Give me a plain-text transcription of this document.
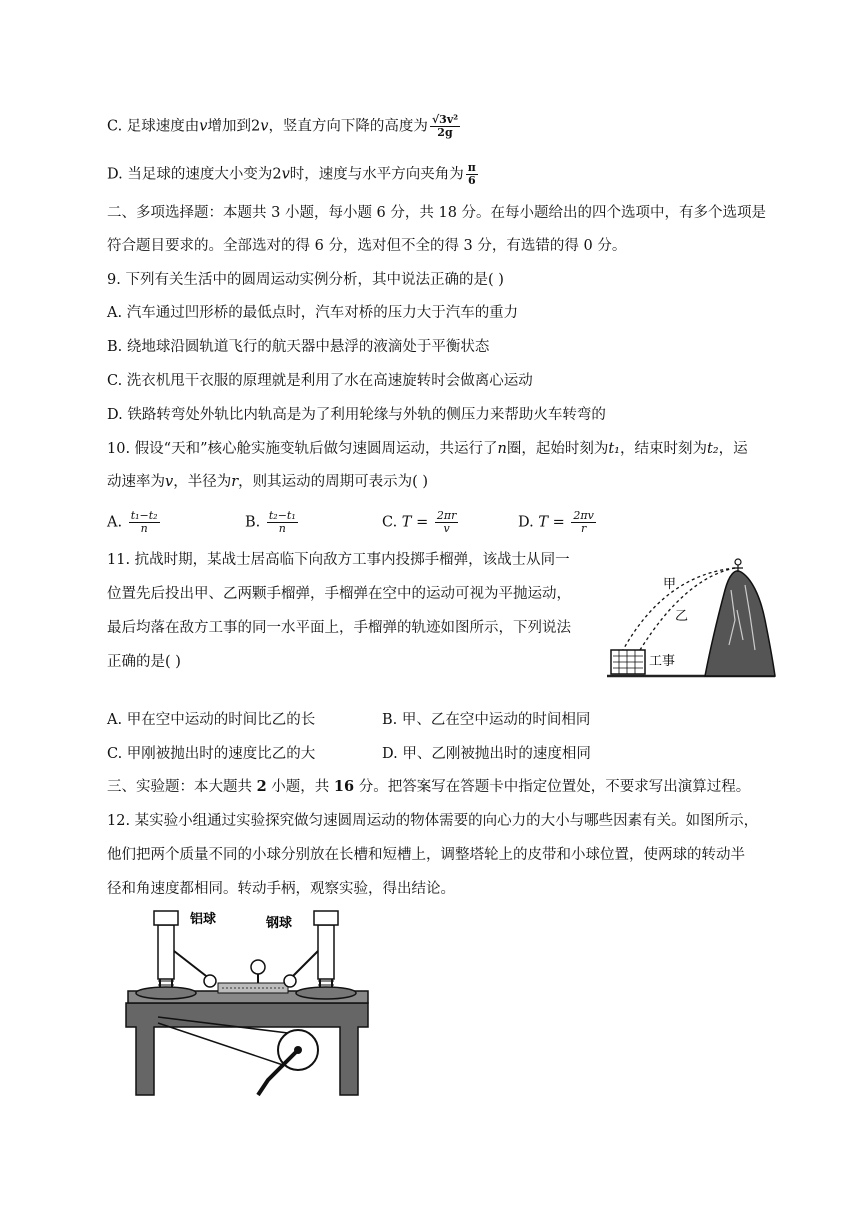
C. 足球速度由v增加到2v，竖直方向下降的高度为 $\frac{\text{√3v²}}{2g}$
D. 当足球的速度大小变为2v时，速度与水平方向夹角为 $\frac{\pi}{6}$
二、多项选择题：本题共 3 小题，每小题 6 分，共 18 分。在每小题给出的四个选项中，有多个选项是
符合题目要求的。全部选对的得 6 分，选对但不全的得 3 分，有选错的得 0 分。
9. 下列有关生活中的圆周运动实例分析，其中说法正确的是( )
A. 汽车通过凹形桥的最低点时，汽车对桥的压力大于汽车的重力
B. 绕地球沿圆轨道飞行的航天器中悬浮的液滴处于平衡状态
C. 洗衣机甩干衣服的原理就是利用了水在高速旋转时会做离心运动
D. 铁路转弯处外轨比内轨高是为了利用轮缘与外轨的侧压力来帮助火车转弯的
10. 假设“天和”核心舱实施变轨后做匀速圆周运动，共运行了n圈，起始时刻为t₁，结束时刻为t₂，运
动速率为v，半径为r，则其运动的周期可表示为( )
A. $\frac{\text{t₁−t₂}}{n}$	B. $\frac{\text{t₂−t₁}}{n}$	C. $T = \frac{2\pi r}{v}$	D. $T = \frac{2\pi v}{r}$
11. 抗战时期，某战士居高临下向敌方工事内投掷手榴弹，该战士从同一
位置先后投出甲、乙两颗手榴弹，手榴弹在空中的运动可视为平抛运动，
最后均落在敌方工事的同一水平面上，手榴弹的轨迹如图所示，下列说法
正确的是( )
甲
乙
工事
A. 甲在空中运动的时间比乙的长	B. 甲、乙在空中运动的时间相同
C. 甲刚被抛出时的速度比乙的大	D. 甲、乙刚被抛出时的速度相同
三、实验题：本大题共 2 小题，共 16 分。把答案写在答题卡中指定位置处，不要求写出演算过程。
12. 某实验小组通过实验探究做匀速圆周运动的物体需要的向心力的大小与哪些因素有关。如图所示，
他们把两个质量不同的小球分别放在长槽和短槽上，调整塔轮上的皮带和小球位置，使两球的转动半
径和角速度都相同。转动手柄，观察实验，得出结论。
铝球	钢球
